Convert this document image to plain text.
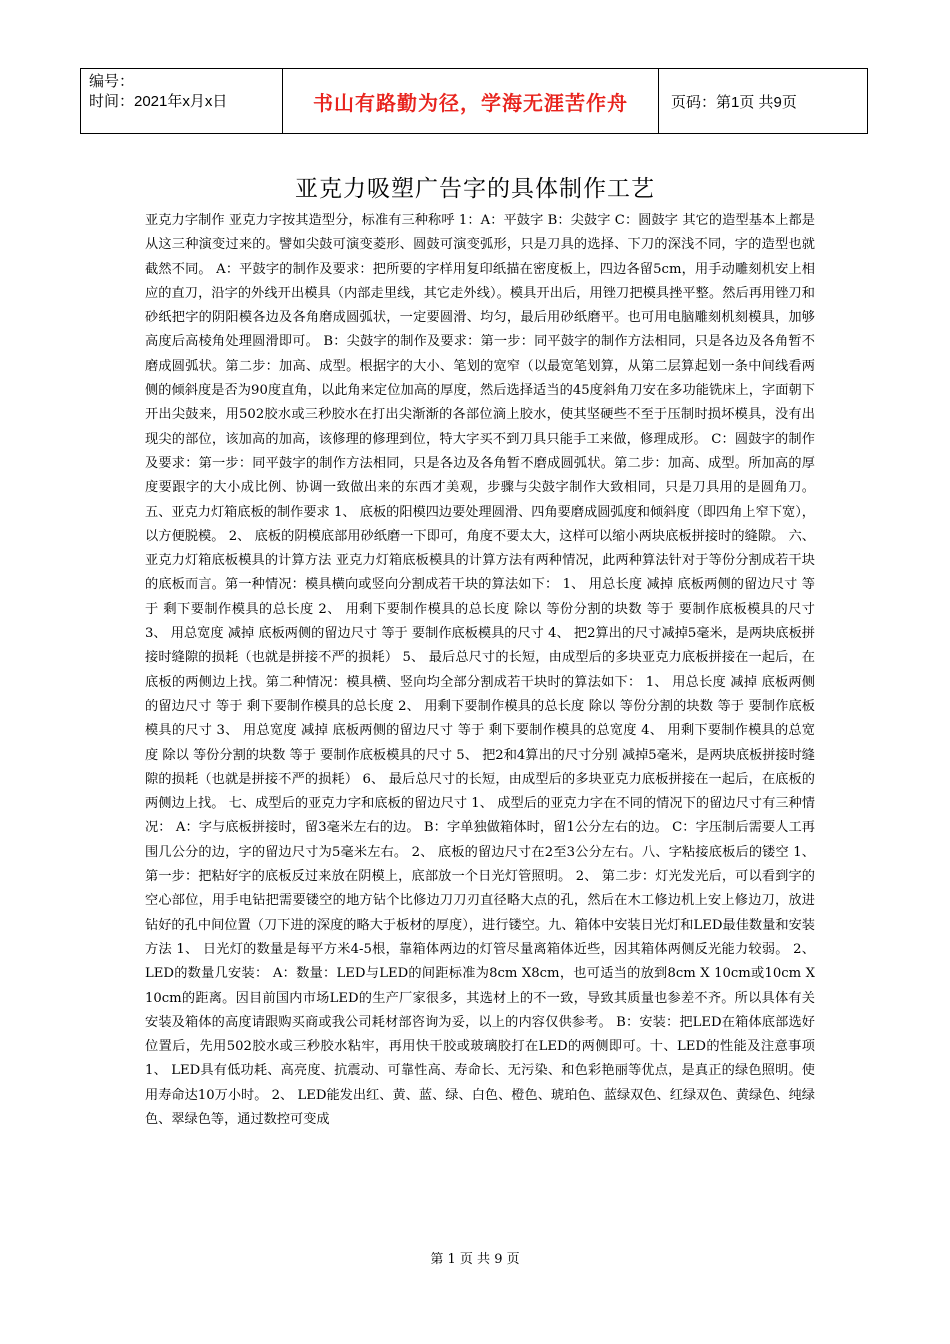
编号：
时间：2021年x月x日	书山有路勤为径，学海无涯苦作舟	页码：第1页 共9页
亚克力吸塑广告字的具体制作工艺

亚克力字制作 亚克力字按其造型分，标准有三种称呼 1：A：平鼓字 B：尖鼓字 C：圆鼓字 其它的造型基本上都是从这三种演变过来的。譬如尖鼓可演变菱形、圆鼓可演变弧形，只是刀具的选择、下刀的深浅不同，字的造型也就截然不同。 A：平鼓字的制作及要求：把所要的字样用复印纸描在密度板上，四边各留5cm，用手动雕刻机安上相应的直刀，沿字的外线开出模具（内部走里线，其它走外线）。模具开出后，用锉刀把模具挫平整。然后再用锉刀和砂纸把字的阴阳模各边及各角磨成圆弧状，一定要圆滑、均匀，最后用砂纸磨平。也可用电脑雕刻机刻模具，加够高度后高棱角处理圆滑即可。 B：尖鼓字的制作及要求：第一步：同平鼓字的制作方法相同，只是各边及各角暂不磨成圆弧状。第二步：加高、成型。根据字的大小、笔划的宽窄（以最宽笔划算，从第二层算起划一条中间线看两侧的倾斜度是否为90度直角，以此角来定位加高的厚度，然后选择适当的45度斜角刀安在多功能铣床上，字面朝下开出尖鼓来，用502胶水或三秒胶水在打出尖渐渐的各部位滴上胶水，使其坚硬些不至于压制时损坏模具，没有出现尖的部位，该加高的加高，该修理的修理到位，特大字买不到刀具只能手工来做，修理成形。 C：圆鼓字的制作及要求：第一步：同平鼓字的制作方法相同，只是各边及各角暂不磨成圆弧状。第二步：加高、成型。所加高的厚度要跟字的大小成比例、协调一致做出来的东西才美观，步骤与尖鼓字制作大致相同，只是刀具用的是圆角刀。 五、亚克力灯箱底板的制作要求 1、 底板的阳模四边要处理圆滑、四角要磨成圆弧度和倾斜度（即四角上窄下宽），以方便脱模。 2、 底板的阴模底部用砂纸磨一下即可，角度不要太大，这样可以缩小两块底板拼接时的缝隙。 六、亚克力灯箱底板模具的计算方法 亚克力灯箱底板模具的计算方法有两种情况，此两种算法针对于等份分割成若干块的底板而言。第一种情况：模具横向或竖向分割成若干块的算法如下： 1、 用总长度 减掉 底板两侧的留边尺寸 等于 剩下要制作模具的总长度 2、 用剩下要制作模具的总长度 除以 等份分割的块数 等于 要制作底板模具的尺寸 3、 用总宽度 减掉 底板两侧的留边尺寸 等于 要制作底板模具的尺寸 4、 把2算出的尺寸减掉5毫米，是两块底板拼接时缝隙的损耗（也就是拼接不严的损耗） 5、 最后总尺寸的长短，由成型后的多块亚克力底板拼接在一起后，在底板的两侧边上找。第二种情况：模具横、竖向均全部分割成若干块时的算法如下： 1、 用总长度 减掉 底板两侧的留边尺寸 等于 剩下要制作模具的总长度 2、 用剩下要制作模具的总长度 除以 等份分割的块数 等于 要制作底板模具的尺寸 3、 用总宽度 减掉 底板两侧的留边尺寸 等于 剩下要制作模具的总宽度 4、 用剩下要制作模具的总宽度 除以 等份分割的块数 等于 要制作底板模具的尺寸 5、 把2和4算出的尺寸分别 减掉5毫米，是两块底板拼接时缝隙的损耗（也就是拼接不严的损耗） 6、 最后总尺寸的长短，由成型后的多块亚克力底板拼接在一起后，在底板的两侧边上找。 七、成型后的亚克力字和底板的留边尺寸 1、 成型后的亚克力字在不同的情况下的留边尺寸有三种情况： A：字与底板拼接时，留3毫米左右的边。 B：字单独做箱体时，留1公分左右的边。 C：字压制后需要人工再围几公分的边，字的留边尺寸为5毫米左右。 2、 底板的留边尺寸在2至3公分左右。八、字粘接底板后的镂空 1、 第一步：把粘好字的底板反过来放在阴模上，底部放一个日光灯管照明。 2、 第二步：灯光发光后，可以看到字的空心部位，用手电钻把需要镂空的地方钻个比修边刀刀刃直径略大点的孔，然后在木工修边机上安上修边刀，放进钻好的孔中间位置（刀下进的深度的略大于板材的厚度），进行镂空。九、箱体中安装日光灯和LED最佳数量和安装方法 1、 日光灯的数量是每平方米4-5根，靠箱体两边的灯管尽量离箱体近些，因其箱体两侧反光能力较弱。 2、 LED的数量几安装： A：数量：LED与LED的间距标准为8cm X8cm，也可适当的放到8cm X 10cm或10cm X 10cm的距离。因目前国内市场LED的生产厂家很多，其选材上的不一致，导致其质量也参差不齐。所以具体有关安装及箱体的高度请跟购买商或我公司耗材部咨询为妥，以上的内容仅供参考。 B：安装：把LED在箱体底部选好位置后，先用502胶水或三秒胶水粘牢，再用快干胶或玻璃胶打在LED的两侧即可。十、LED的性能及注意事项 1、 LED具有低功耗、高亮度、抗震动、可靠性高、寿命长、无污染、和色彩艳丽等优点，是真正的绿色照明。使用寿命达10万小时。 2、 LED能发出红、黄、蓝、绿、白色、橙色、琥珀色、蓝绿双色、红绿双色、黄绿色、纯绿色、翠绿色等，通过数控可变成

第 1 页 共 9 页
